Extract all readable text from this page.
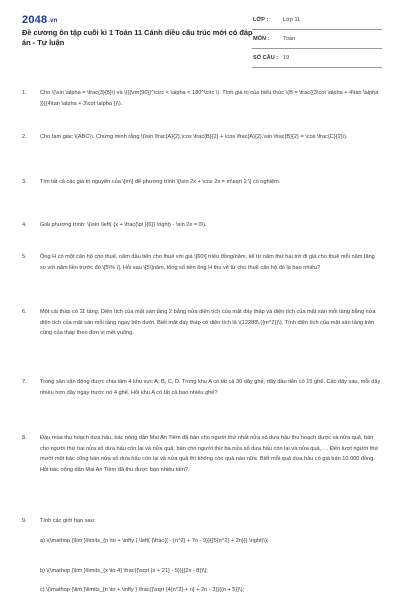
2048.vn
Đề cương ôn tập cuối kì 1 Toán 11 Cánh diều cấu trúc mới có đáp án - Tự luận
LỚP :	Lớp 11
MÔN : Toán
SỐ CÂU : 19
1. Cho \(\sin \alpha = \frac{3}{5}\) và \({{\rm{90}}^\circ < \alpha < 180^\circ \). Tính giá trị của biểu thức \(B = \frac{{3\cot \alpha + 4\tan \alpha }}{{4\tan \alpha + 3\cot \alpha }}\).
2. Cho tam giác \(ABC\). Chứng minh rằng \(\sin \frac{A}{2}.\cos \frac{B}{2} + \cos \frac{A}{2}.\sin \frac{B}{2} = \cos \frac{C}{2}\).
3. Tìm tất cả các giá trị nguyên của \[m\] để phương trình \[\sin 2x + \cos 2x = m\sqrt 2 \] có nghiệm.
4. Giải phương trình: \(\sin \left( {x + \frac{\pi }{6}} \right) - \sin 2x = 0\).
5. Ông H có một căn hộ cho thuê, năm đầu tiên cho thuê với giá \[60\] triệu đồng/năm, kể từ năm thứ hai trở đi giá cho thuê mỗi năm tăng so với năm liền trước đó \[5\% \]. Hỏi sau \[5\]năm, tổng số tiền ông H thu về từ cho thuê căn hộ đó là bao nhiêu?
6. Một cái tháp có 11 tầng. Diện tích của mặt sàn tầng 2 bằng nửa diện tích của mặt đáy tháp và diện tích của mặt sàn mỗi tầng bằng nửa diện tích của mặt sàn mỗi tầng ngay bên dưới. Biết mặt đáy tháp có diện tích là \(12288\,({m^2})\). Tính diện tích của mặt sàn tầng trên cùng của tháp theo đơn vị mét vuông.
7. Trong sân vận động được chia làm 4 khu vực A, B, C, D. Trong khu A có tất cả 30 dãy ghế, dãy đầu tiên có 15 ghế. Các dãy sau, mỗi dãy nhiều hơn dãy ngay trước nó 4 ghế. Hỏi khu A có tất cả bao nhiêu ghế?
8. Đầu mùa thu hoạch dưa hấu, bác nông dân Mai An Tiêm đã bán cho người thứ nhất nửa số dưa hấu thu hoạch được và nửa quả, bán cho người thứ hai nửa số dưa hấu còn lại và nửa quả, bán cho người thứ ba nửa số dưa hấu còn lại và nửa quả, … Đến lượt người thứ mười một bác cũng bán nửa số dưa hấu còn lại và nửa quả thì không còn quả nào nữa. Biết mỗi quả dưa hấu có giá bán 10.000 đồng. Hỏi bác nông dân Mai An Tiêm đã thu được bao nhiêu tiền?
9. Tính các giới hạn sau:
a) \(\mathop {\lim }\limits_{n \to + \infty } \left( {\frac{{ - {n^2} + 7n - 9}}{{5{n^2} + 2n}}} \right)\);
b) \(\mathop {\lim }\limits_{x \to 4} \frac{{\sqrt {x + 21} - 5}}{{2x - 8}}\];
c) \(\mathop {\lim }\limits_{n \to + \infty } \frac{{\sqrt {4{n^2} + n} + 2n - 3}}{{n + 5}}\);
